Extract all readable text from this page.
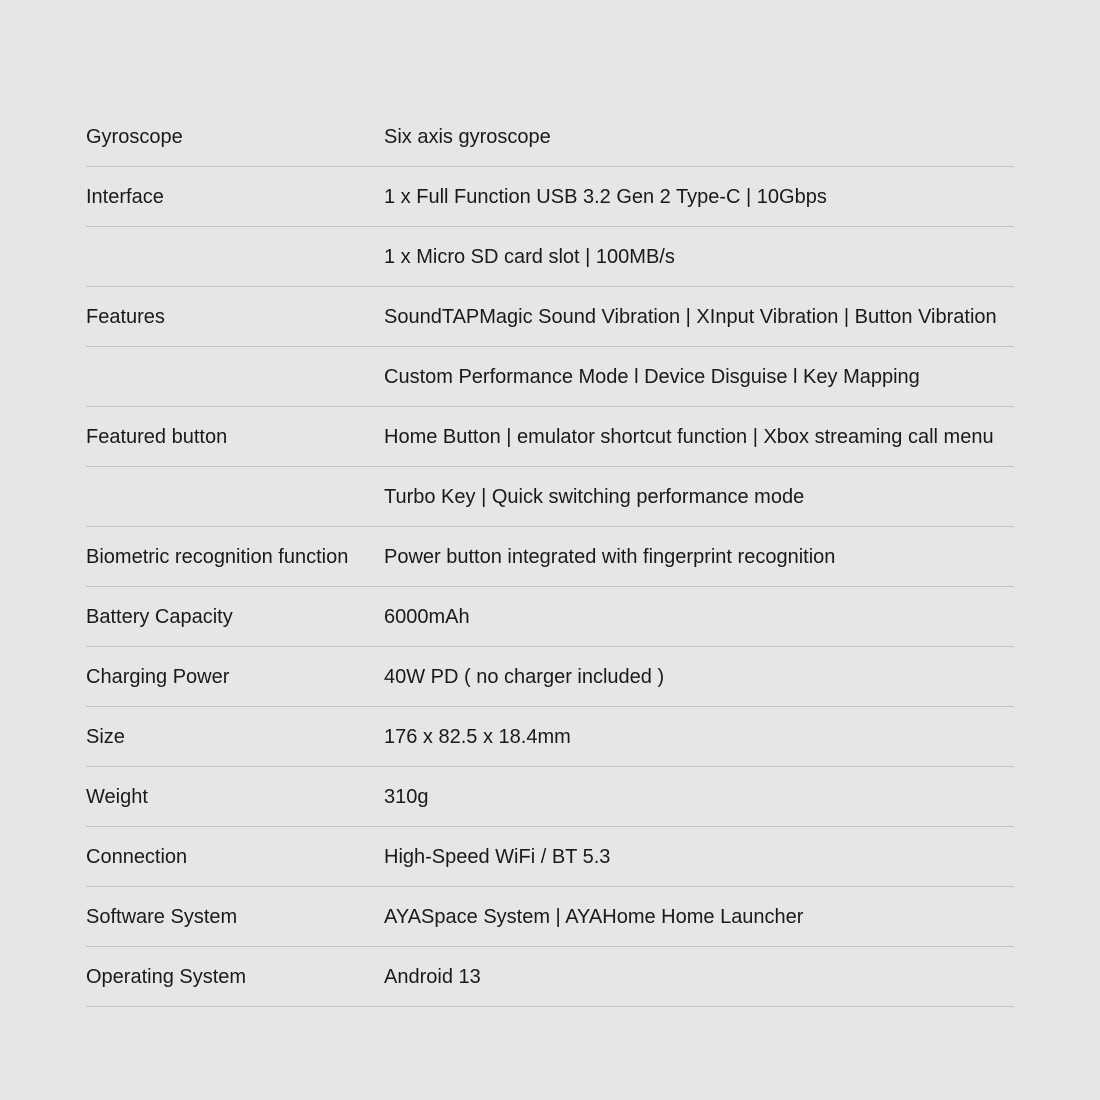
Gyroscope	Six axis gyroscope
Interface	1 x Full Function USB 3.2 Gen 2 Type-C | 10Gbps
1 x Micro SD card slot | 100MB/s
Features	SoundTAPMagic Sound Vibration | XInput Vibration | Button Vibration
Custom Performance Mode l Device Disguise l Key Mapping
Featured button	Home Button | emulator shortcut function | Xbox streaming call menu
Turbo Key | Quick switching performance mode
Biometric recognition function Power button integrated with fingerprint recognition
Battery Capacity	6000mAh
Charging Power	40W PD ( no charger included )
Size	176 x 82.5 x 18.4mm
Weight	310g
Connection	High-Speed WiFi / BT 5.3
Software System	AYASpace System | AYAHome Home Launcher
Operating System	Android 13
